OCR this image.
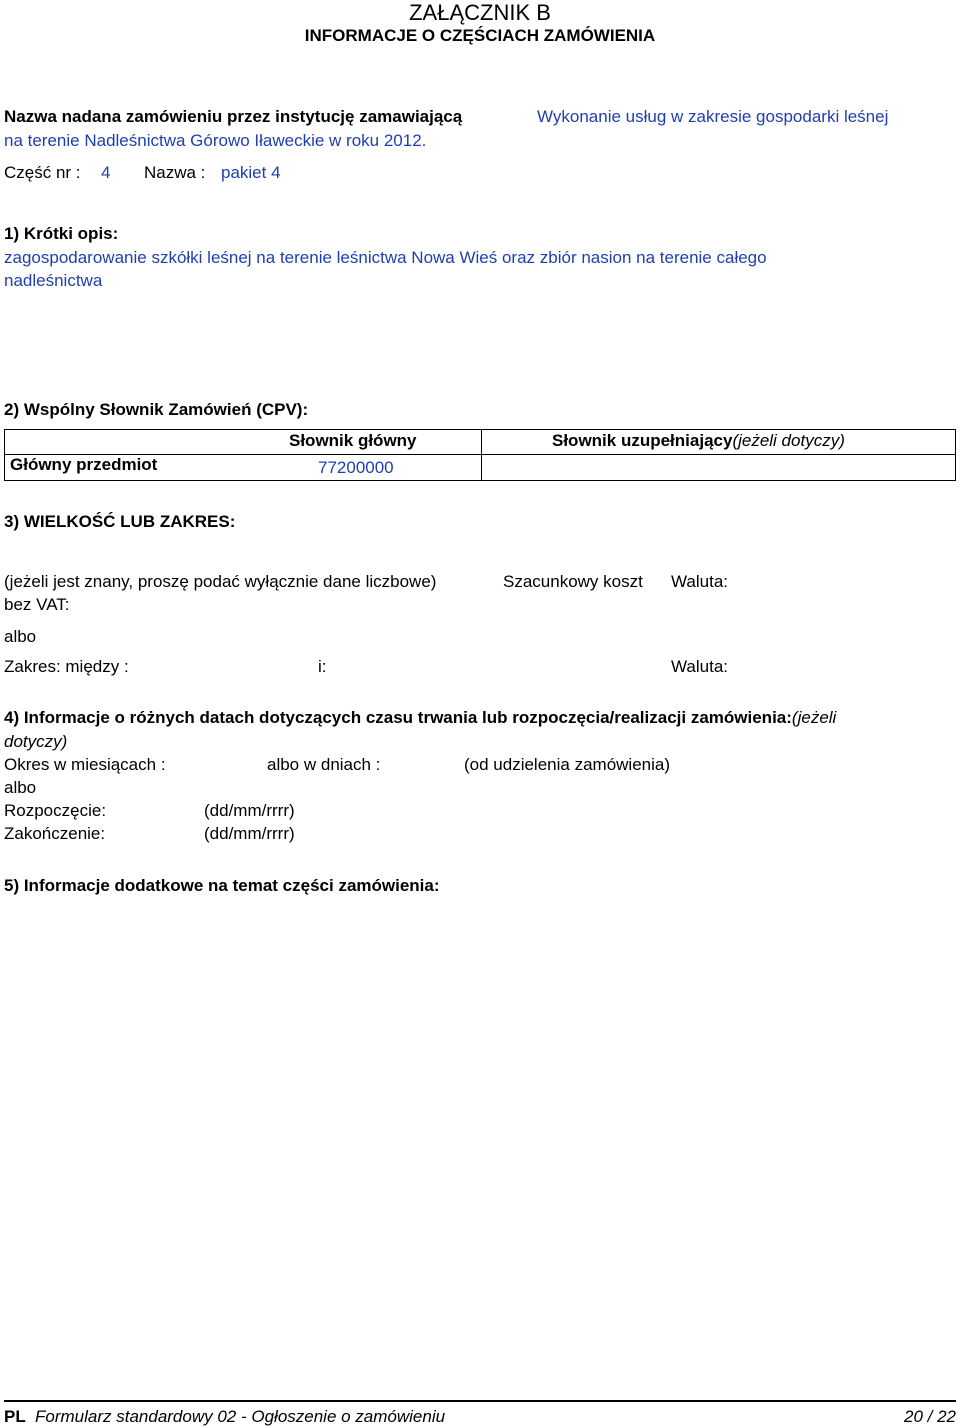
ZAŁĄCZNIK B
INFORMACJE O CZĘŚCIACH ZAMÓWIENIA
Nazwa nadana zamówieniu przez instytucję zamawiającą	Wykonanie usług w zakresie gospodarki leśnej
na terenie Nadleśnictwa Górowo Iławeckie w roku 2012.
Część nr : 4 Nazwa : pakiet 4
1) Krótki opis:
zagospodarowanie szkółki leśnej na terenie leśnictwa Nowa Wieś oraz zbiór nasion na terenie całego
nadleśnictwa
2) Wspólny Słownik Zamówień (CPV):
Słownik główny	Słownik uzupełniający(jeżeli dotyczy)
Główny przedmiot	77200000
3) WIELKOŚĆ LUB ZAKRES:
(jeżeli jest znany, proszę podać wyłącznie dane liczbowe)	Szacunkowy koszt Waluta:
bez VAT:
albo
Zakres: między :	i:	Waluta:
4) Informacje o różnych datach dotyczących czasu trwania lub rozpoczęcia/realizacji zamówienia:(jeżeli
dotyczy)
Okres w miesiącach :	albo w dniach :	(od udzielenia zamówienia)
albo
Rozpoczęcie:	(dd/mm/rrrr)
Zakończenie:	(dd/mm/rrrr)
5) Informacje dodatkowe na temat części zamówienia:
PL Formularz standardowy 02 - Ogłoszenie o zamówieniu	20 / 22
